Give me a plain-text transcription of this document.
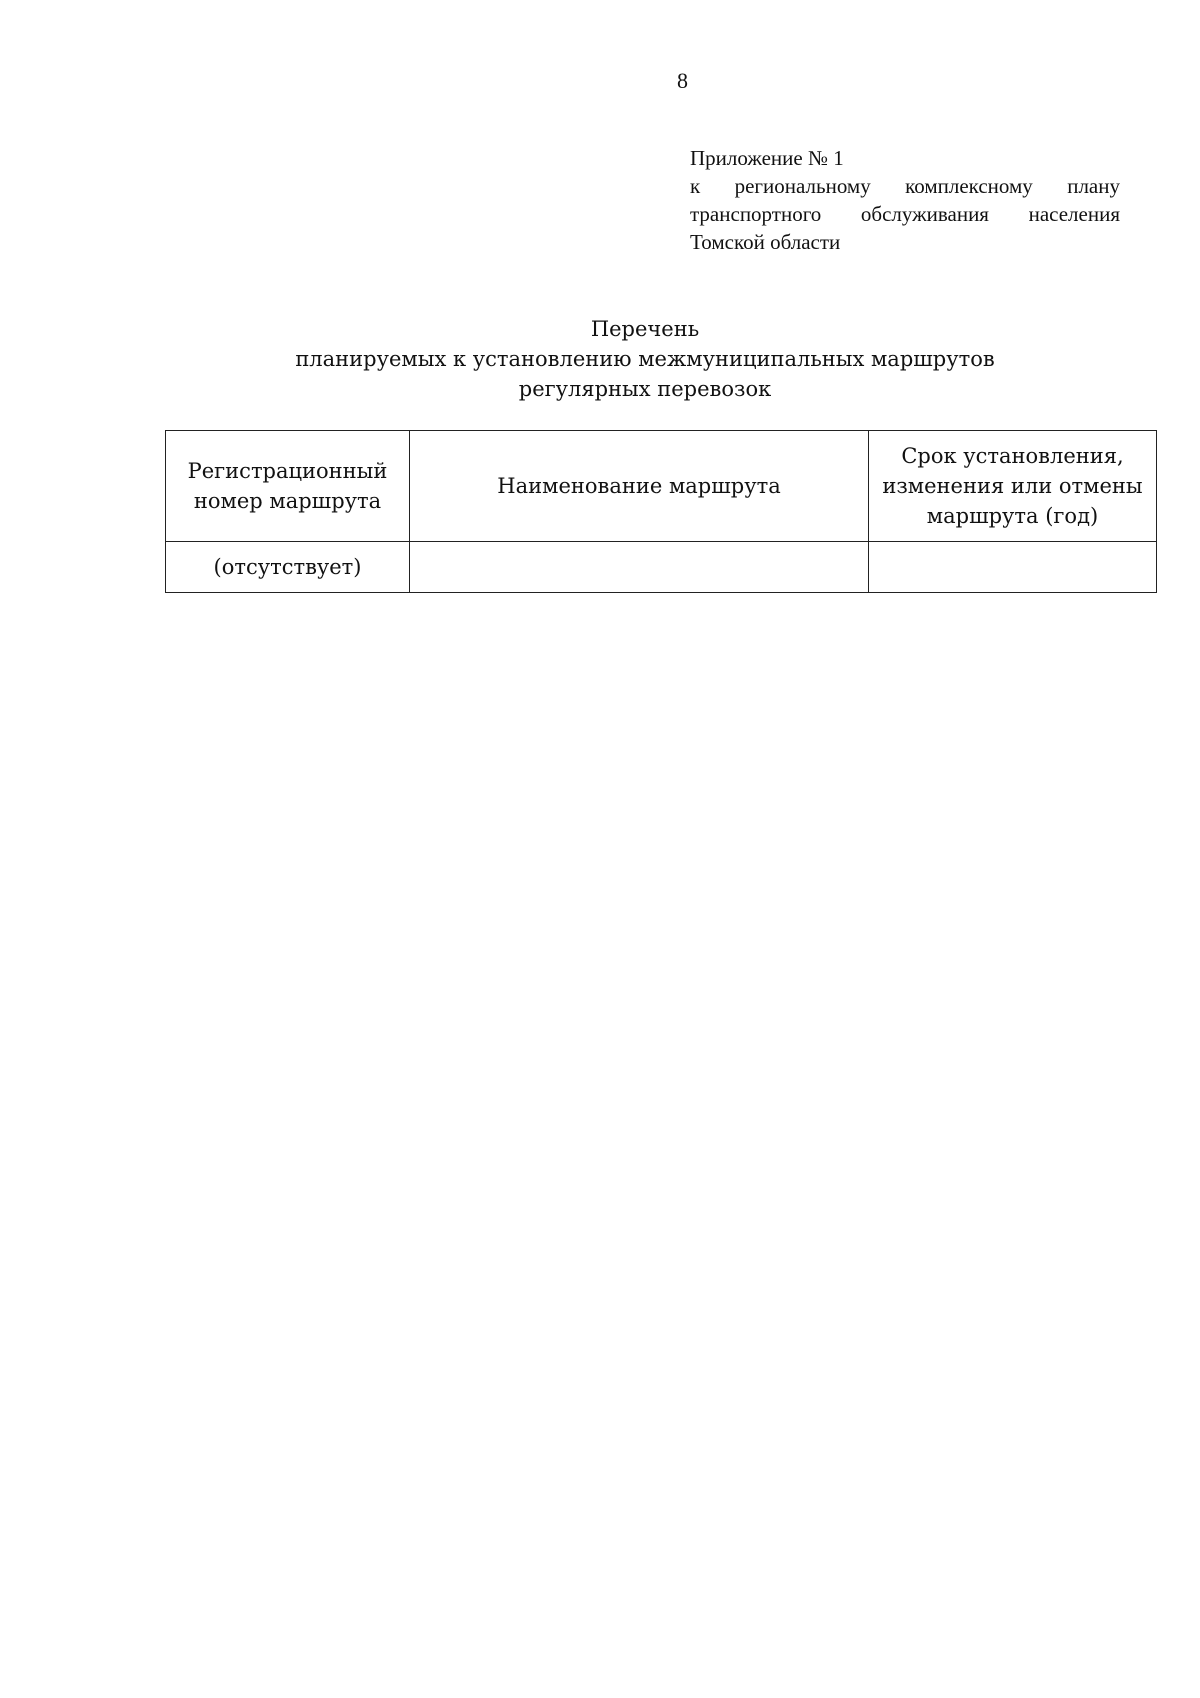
8
Приложение № 1
к региональному комплексному плану
транспортного обслуживания населения
Томской области
Перечень
планируемых к установлению межмуниципальных маршрутов
регулярных перевозок
Регистрационный номер маршрута	Наименование маршрута	Срок установления, изменения или отмены маршрута (год)
(отсутствует)		
